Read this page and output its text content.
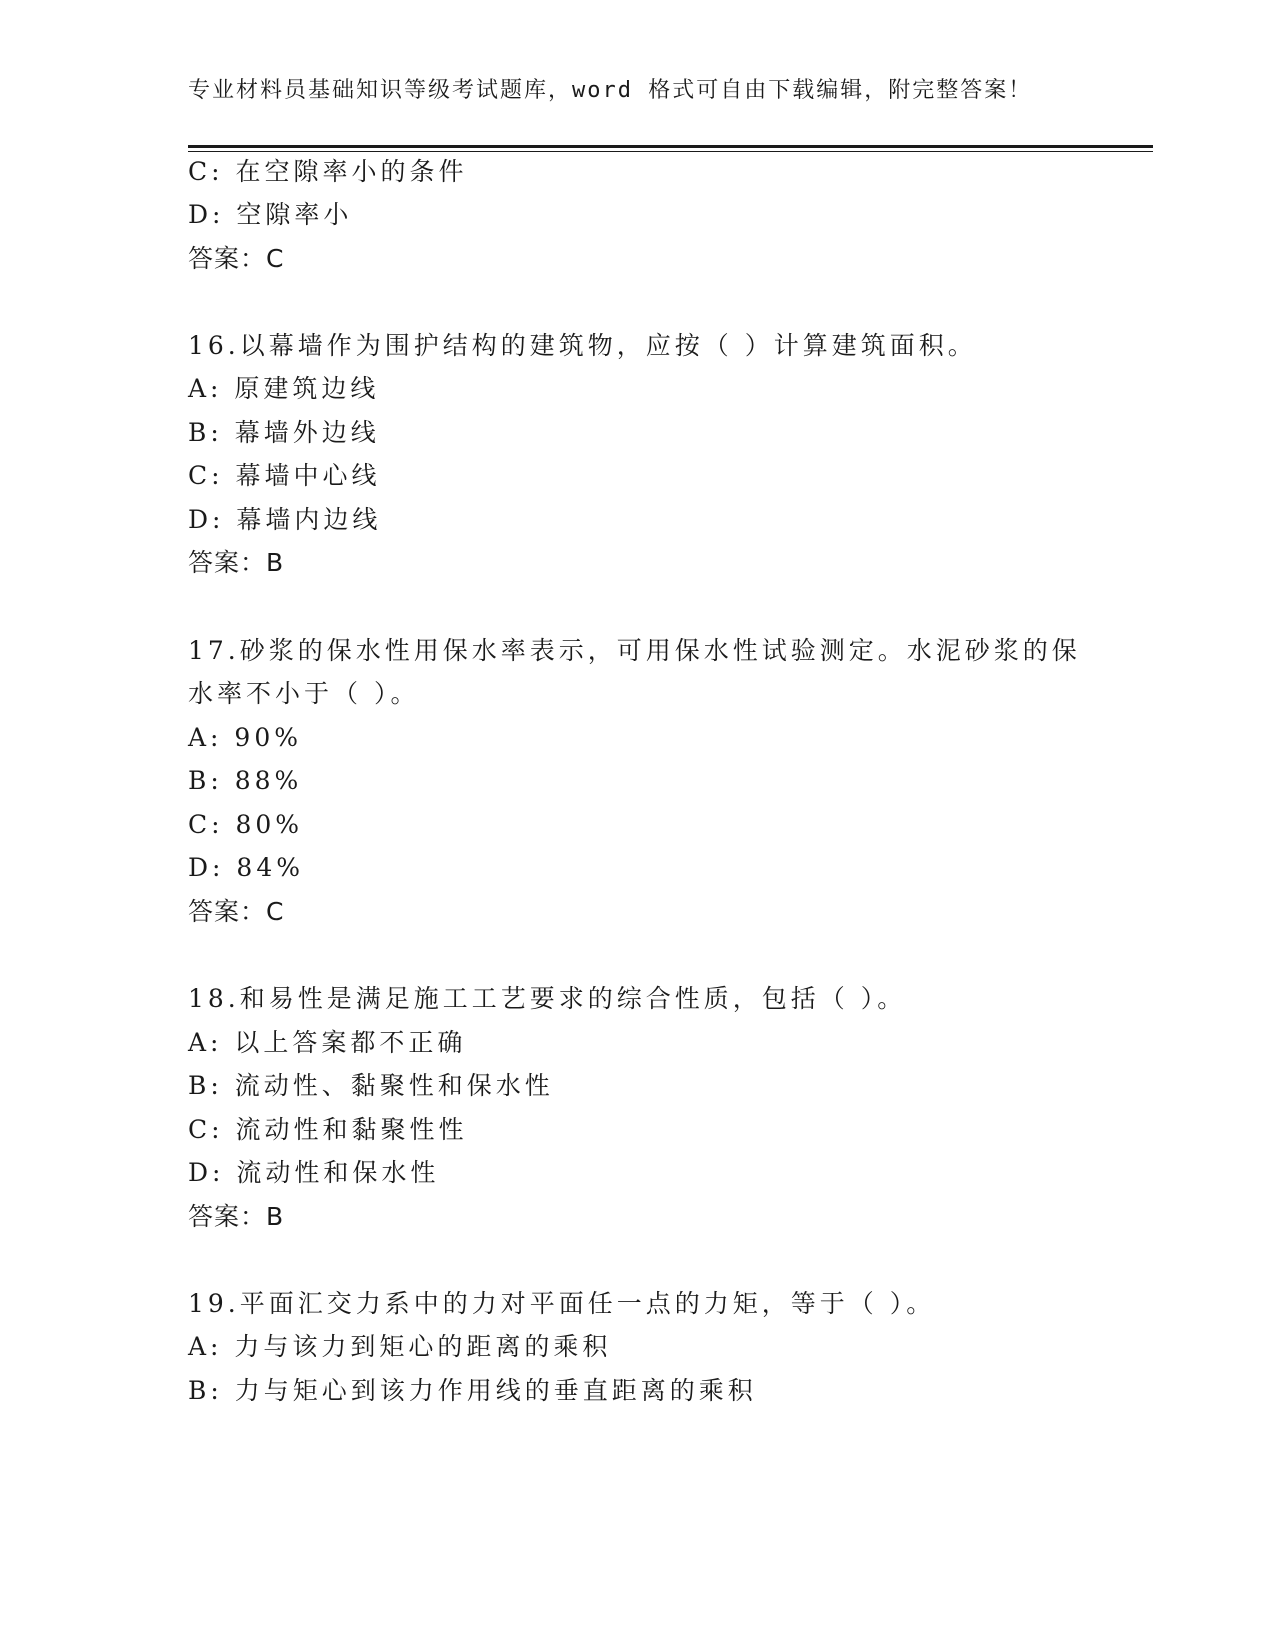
专业材料员基础知识等级考试题库，word 格式可自由下载编辑，附完整答案！
C: 在空隙率小的条件
D: 空隙率小
答案：C
16.以幕墙作为围护结构的建筑物，应按（ ）计算建筑面积。
A: 原建筑边线
B: 幕墙外边线
C: 幕墙中心线
D: 幕墙内边线
答案：B
17.砂浆的保水性用保水率表示，可用保水性试验测定。水泥砂浆的保
水率不小于（ ）。
A: 90%
B: 88%
C: 80%
D: 84%
答案：C
18.和易性是满足施工工艺要求的综合性质，包括（ ）。
A: 以上答案都不正确
B: 流动性、黏聚性和保水性
C: 流动性和黏聚性性
D: 流动性和保水性
答案：B
19.平面汇交力系中的力对平面任一点的力矩，等于（ ）。
A: 力与该力到矩心的距离的乘积
B: 力与矩心到该力作用线的垂直距离的乘积
